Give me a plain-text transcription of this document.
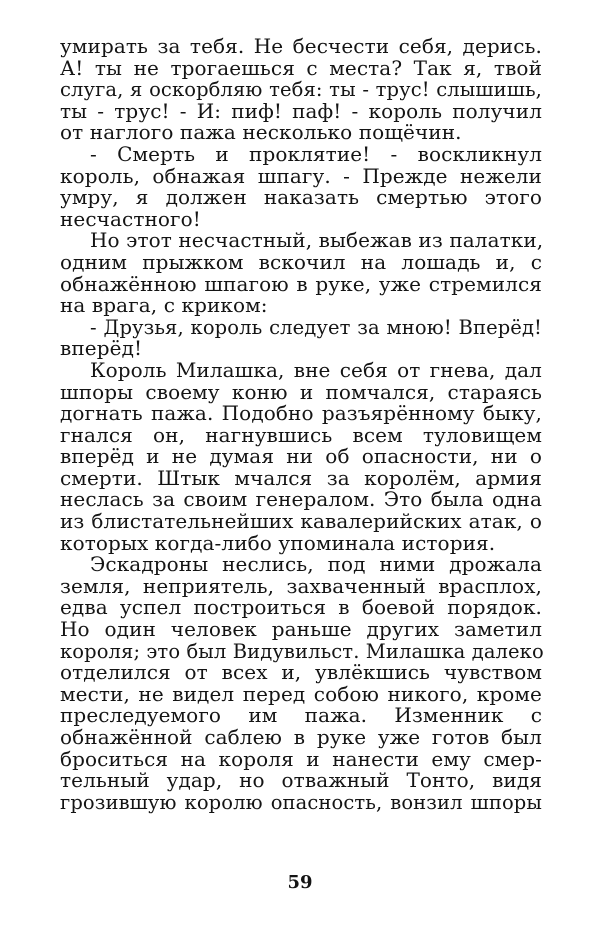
умирать за тебя. Не бесчести себя, дерись.
А! ты не трогаешься с места? Так я, твой
слуга, я оскорбляю тебя: ты - трус! слышишь,
ты - трус! - И: пиф! паф! - король получил
от наглого пажа несколько пощёчин.
- Смерть и проклятие! - воскликнул
король, обнажая шпагу. - Прежде нежели
умру, я должен наказать смертью этого
несчастного!
Но этот несчастный, выбежав из палатки,
одним прыжком вскочил на лошадь и, с
обнажённою шпагою в руке, уже стремился
на врага, с криком:
- Друзья, король следует за мною! Вперёд!
вперёд!
Король Милашка, вне себя от гнева, дал
шпоры своему коню и помчался, стараясь
догнать пажа. Подобно разъярённому быку,
гнался он, нагнувшись всем туловищем
вперёд и не думая ни об опасности, ни о
смерти. Штык мчался за королём, армия
неслась за своим генералом. Это была одна
из блистательнейших кавалерийских атак, о
которых когда-либо упоминала история.
Эскадроны неслись, под ними дрожала
земля, неприятель, захваченный врасплох,
едва успел построиться в боевой порядок.
Но один человек раньше других заметил
короля; это был Видувильст. Милашка далеко
отделился от всех и, увлёкшись чувством
мести, не видел перед собою никого, кроме
преследуемого им пажа. Изменник с
обнажённой саблею в руке уже готов был
броситься на короля и нанести ему смер-
тельный удар, но отважный Тонто, видя
грозившую королю опасность, вонзил шпоры
59
